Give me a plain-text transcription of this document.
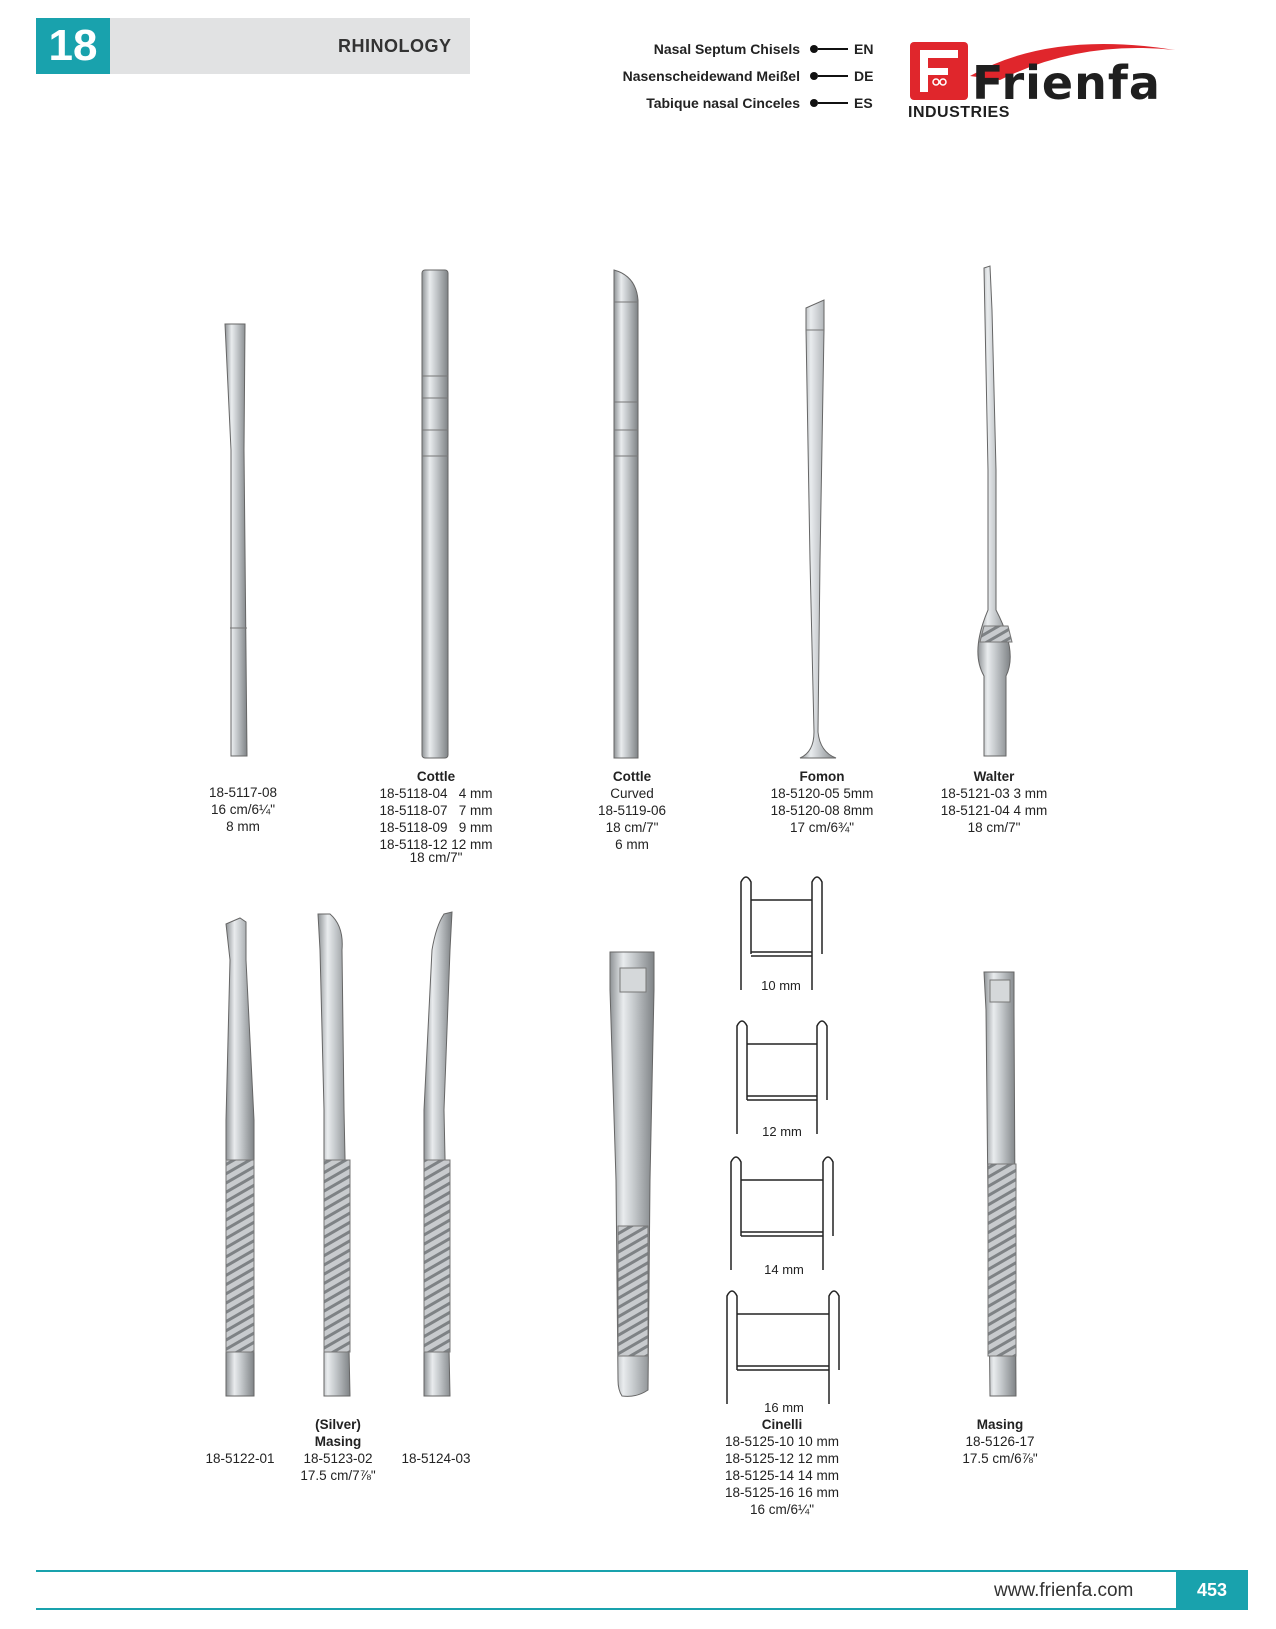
18	RHINOLOGY	Nasal Septum Chisels	EN
Nasenscheidewand Meißel	DE
Tabique nasal Cinceles	ES Frienfa
INDUSTRIES
18-5117-08
16 cm/6¼"
8 mm
Cottle
18-5118-04   4 mm
18-5118-07   7 mm
18-5118-09   9 mm
18-5118-12 12 mm
18 cm/7"
Cottle
Curved
18-5119-06
18 cm/7"
6 mm
Fomon
18-5120-05 5mm
18-5120-08 8mm
17 cm/6¾"
Walter
18-5121-03 3 mm
18-5121-04 4 mm
18 cm/7"
10 mm
12 mm
14 mm
16 mm
(Silver)
Masing
18-5122-01 18-5123-02 18-5124-03
17.5 cm/7⅞"
Cinelli
18-5125-10 10 mm
18-5125-12 12 mm
18-5125-14 14 mm
18-5125-16 16 mm
16 cm/6¼"
Masing
18-5126-17
17.5 cm/6⅞"
www.frienfa.com	453
